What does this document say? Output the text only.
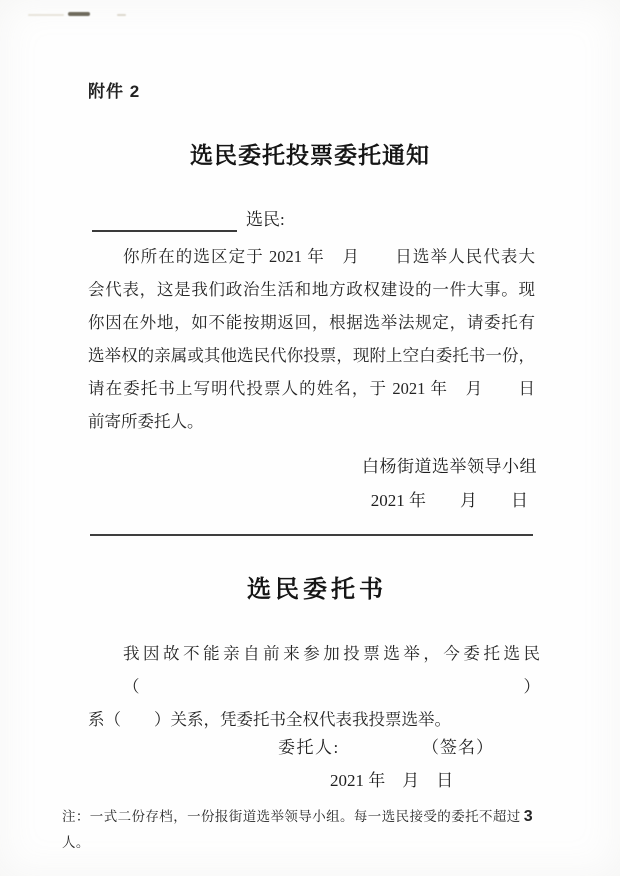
附件 2
选民委托投票委托通知
选民:
你所在的选区定于 2021 年　月　　日选举人民代表大
会代表，这是我们政治生活和地方政权建设的一件大事。现
你因在外地，如不能按期返回，根据选举法规定，请委托有
选举权的亲属或其他选民代你投票，现附上空白委托书一份，
请在委托书上写明代投票人的姓名，于 2021 年　月　　日
前寄所委托人。
白杨街道选举领导小组
2021 年　　月　　日
选民委托书
我因故不能亲自前来参加投票选举，今委托选民（　　　）
系（　　）关系，凭委托书全权代表我投票选举。
委托人:	（签名）
2021 年　月　日
注：一式二份存档，一份报街道选举领导小组。每一选民接受的委托不超过 3
人。
